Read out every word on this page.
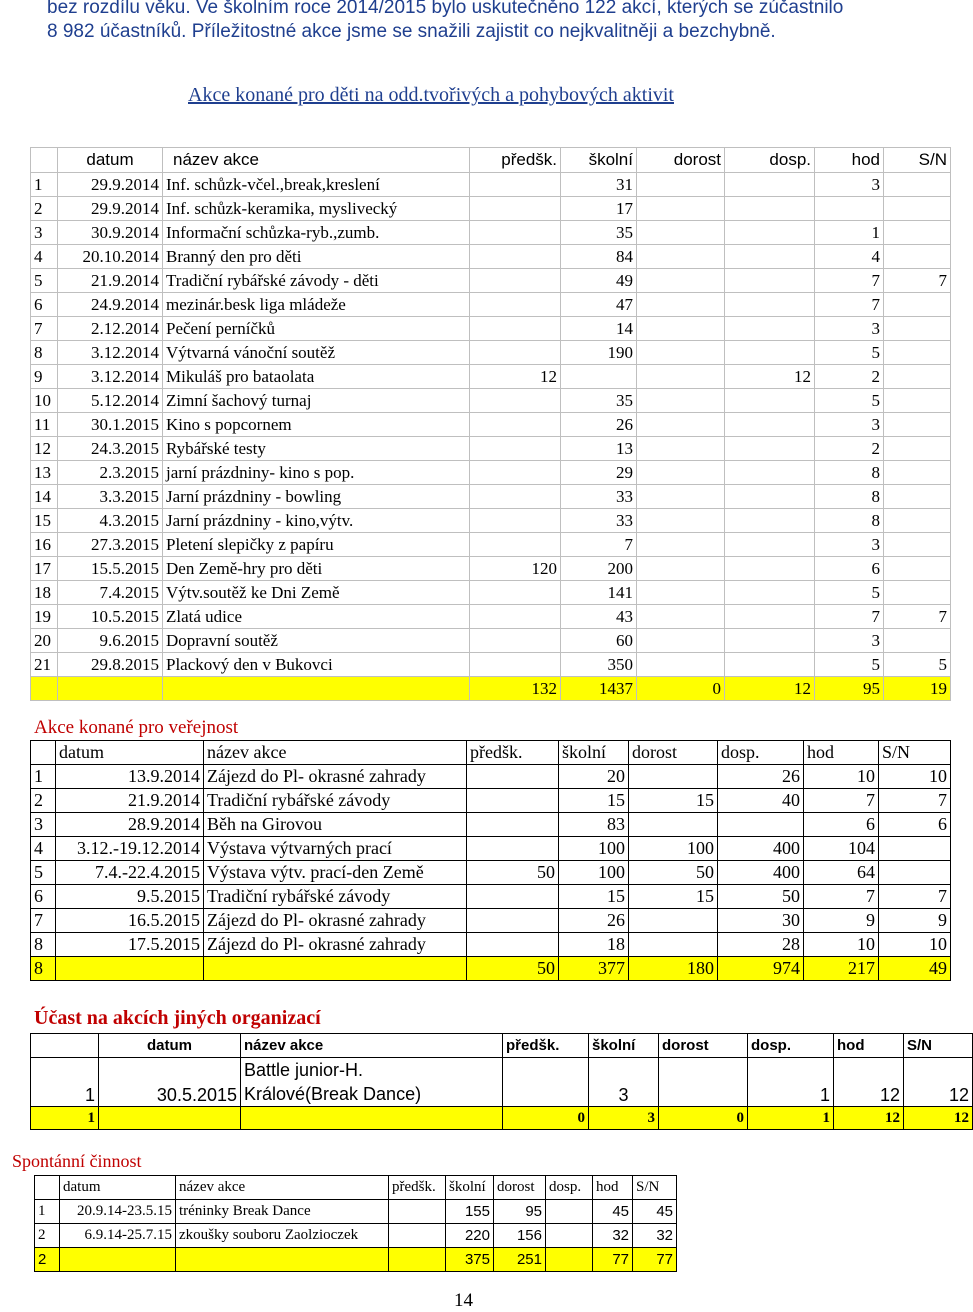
bez rozdílu věku. Ve školním roce 2014/2015 bylo uskutečněno 122 akcí, kterých se zúčastnilo
8 982 účastníků. Příležitostné akce jsme se snažili zajistit co nejkvalitněji a bezchybně.
Akce konané pro děti na odd.tvořivých a pohybových aktivit
	datum	název akce	předšk.	školní	dorost	dosp.	hod	S/N
1	29.9.2014	Inf. schůzk-včel.,break,kreslení		31			3	
2	29.9.2014	Inf. schůzk-keramika, myslivecký		17				
3	30.9.2014	Informační schůzka-ryb.,zumb.		35			1	
4	20.10.2014	Branný den pro děti		84			4	
5	21.9.2014	Tradiční rybářské závody - děti		49			7	7
6	24.9.2014	mezinár.besk liga mládeže		47			7	
7	2.12.2014	Pečení perníčků		14			3	
8	3.12.2014	Výtvarná vánoční soutěž		190			5	
9	3.12.2014	Mikuláš pro bataolata	12			12	2	
10	5.12.2014	Zimní šachový turnaj		35			5	
11	30.1.2015	Kino s popcornem		26			3	
12	24.3.2015	Rybářské testy		13			2	
13	2.3.2015	jarní prázdniny- kino s pop.		29			8	
14	3.3.2015	Jarní prázdniny - bowling		33			8	
15	4.3.2015	Jarní prázdniny - kino,výtv.		33			8	
16	27.3.2015	Pletení slepičky z papíru		7			3	
17	15.5.2015	Den Země-hry pro děti	120	200			6	
18	7.4.2015	Výtv.soutěž ke Dni Země		141			5	
19	10.5.2015	Zlatá udice		43			7	7
20	9.6.2015	Dopravní soutěž		60			3	
21	29.8.2015	Plackový den v Bukovci		350			5	5
			132	1437	0	12	95	19
Akce konané pro veřejnost
	datum	název akce	předšk.	školní	dorost	dosp.	hod	S/N
1	13.9.2014	Zájezd do Pl- okrasné zahrady		20		26	10	10
2	21.9.2014	Tradiční rybářské závody		15	15	40	7	7
3	28.9.2014	Běh na Girovou		83			6	6
4	3.12.-19.12.2014	Výstava výtvarných prací		100	100	400	104	
5	7.4.-22.4.2015	Výstava výtv. prací-den Země	50	100	50	400	64	
6	9.5.2015	Tradiční rybářské závody		15	15	50	7	7
7	16.5.2015	Zájezd do Pl- okrasné zahrady		26		30	9	9
8	17.5.2015	Zájezd do Pl- okrasné zahrady		18		28	10	10
8			50	377	180	974	217	49
Účast na akcích jiných organizací
	datum	název akce	předšk.	školní	dorost	dosp.	hod	S/N
1	30.5.2015	Battle junior-H.
Králové(Break Dance)		3		1	12	12
1			0	3	0	1	12	12
Spontánní činnost
	datum	název akce	předšk.	školní	dorost	dosp.	hod	S/N
1	20.9.14-23.5.15	tréninky Break Dance		155	95		45	45
2	6.9.14-25.7.15	zkoušky souboru Zaolzioczek		220	156		32	32
2				375	251		77	77
14
